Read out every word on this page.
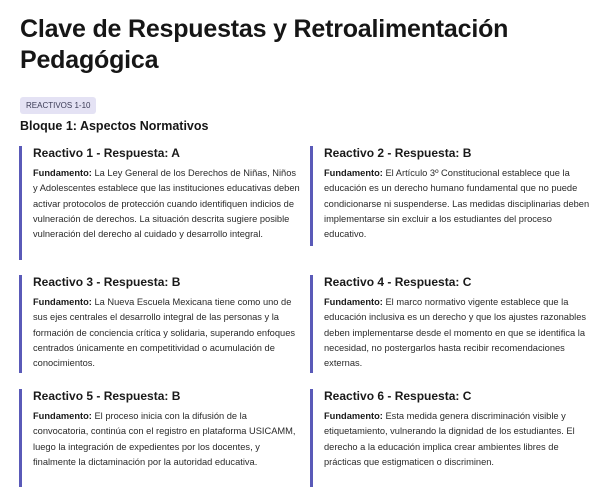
Clave de Respuestas y Retroalimentación Pedagógica
REACTIVOS 1-10
Bloque 1: Aspectos Normativos

Reactivo 1 - Respuesta: A

Fundamento: La Ley General de los Derechos de Niñas, Niños y Adolescentes establece que las instituciones educativas deben activar protocolos de protección cuando identifiquen indicios de vulneración de derechos. La situación descrita sugiere posible vulneración del derecho al cuidado y desarrollo integral.

Reactivo 2 - Respuesta: B

Fundamento: El Artículo 3º Constitucional establece que la educación es un derecho humano fundamental que no puede condicionarse ni suspenderse. Las medidas disciplinarias deben implementarse sin excluir a los estudiantes del proceso educativo.

Reactivo 3 - Respuesta: B

Fundamento: La Nueva Escuela Mexicana tiene como uno de sus ejes centrales el desarrollo integral de las personas y la formación de conciencia crítica y solidaria, superando enfoques centrados únicamente en competitividad o acumulación de conocimientos.

Reactivo 4 - Respuesta: C

Fundamento: El marco normativo vigente establece que la educación inclusiva es un derecho y que los ajustes razonables deben implementarse desde el momento en que se identifica la necesidad, no postergarlos hasta recibir recomendaciones externas.

Reactivo 5 - Respuesta: B

Fundamento: El proceso inicia con la difusión de la convocatoria, continúa con el registro en plataforma USICAMM, luego la integración de expedientes por los docentes, y finalmente la dictaminación por la autoridad educativa.

Reactivo 6 - Respuesta: C

Fundamento: Esta medida genera discriminación visible y etiquetamiento, vulnerando la dignidad de los estudiantes. El derecho a la educación implica crear ambientes libres de prácticas que estigmaticen o discriminen.
